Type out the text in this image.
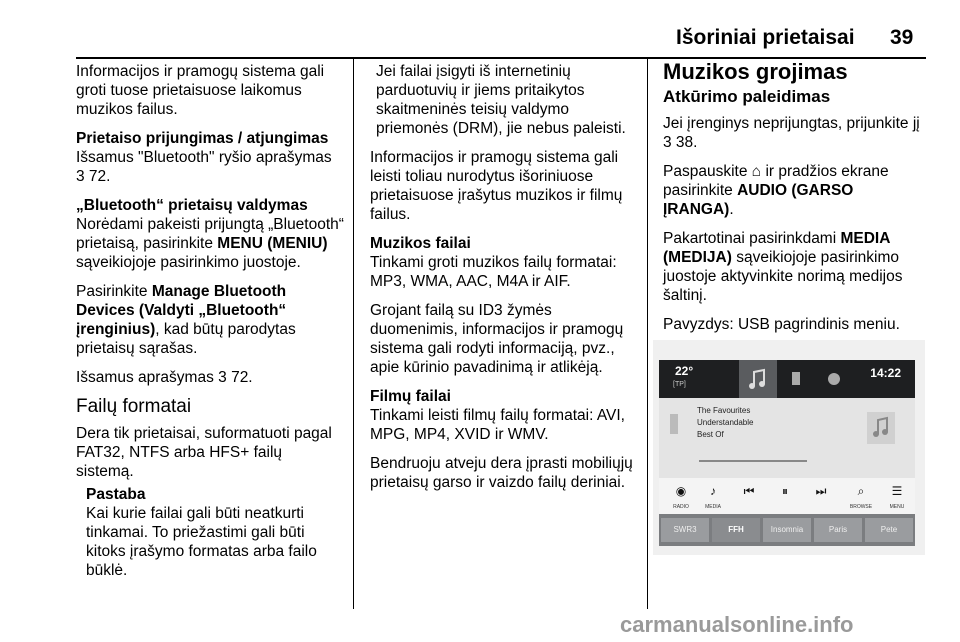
Išoriniai prietaisai 39

Informacijos ir pramogų sistema gali groti tuose prietaisuose laikomus muzikos failus.

Prietaiso prijungimas / atjungimas
Išsamus "Bluetooth" ryšio aprašymas
3 72.

„Bluetooth“ prietaisų valdymas
Norėdami pakeisti prijungtą „Bluetooth“ prietaisą, pasirinkite MENU (MENIU) sąveikiojoje pasirinkimo juostoje.

Pasirinkite Manage Bluetooth Devices (Valdyti „Bluetooth“ įrenginius), kad būtų parodytas prietaisų sąrašas.

Išsamus aprašymas 3 72.

Failų formatai

Dera tik prietaisai, suformatuoti pagal FAT32, NTFS arba HFS+ failų sistemą.

Pastaba
Kai kurie failai gali būti neatkurti tinkamai. To priežastimi gali būti kitoks įrašymo formatas arba failo būklė.

Jei failai įsigyti iš internetinių parduotuvių ir jiems pritaikytos skaitmeninės teisių valdymo priemonės (DRM), jie nebus paleisti.

Informacijos ir pramogų sistema gali leisti toliau nurodytus išoriniuose prietaisuose įrašytus muzikos ir filmų failus.

Muzikos failai
Tinkami groti muzikos failų formatai: MP3, WMA, AAC, M4A ir AIF.

Grojant failą su ID3 žymės duomenimis, informacijos ir pramogų sistema gali rodyti informaciją, pvz., apie kūrinio pavadinimą ir atlikėją.

Filmų failai
Tinkami leisti filmų failų formatai: AVI, MPG, MP4, XVID ir WMV.

Bendruoju atveju dera įprasti mobiliųjų prietaisų garso ir vaizdo failų deriniai.

Muzikos grojimas
Atkūrimo paleidimas

Jei įrenginys neprijungtas, prijunkite jį 3 38.

Paspauskite ⌂ ir pradžios ekrane pasirinkite AUDIO (GARSO ĮRANGA).

Pakartotinai pasirinkdami MEDIA (MEDIJA) sąveikiojoje pasirinkimo juostoje aktyvinkite norimą medijos šaltinį.

Pavyzdys: USB pagrindinis meniu.

22°
[TP]
14:22
The Favourites
Understandable
Best Of
◉
RADIO
♪
MEDIA
⏮	⏸	⏭	⌕
BROWSE
☰
MENU
SWR3	FFH	Insomnia	Paris	Pete
carmanualsonline.info
